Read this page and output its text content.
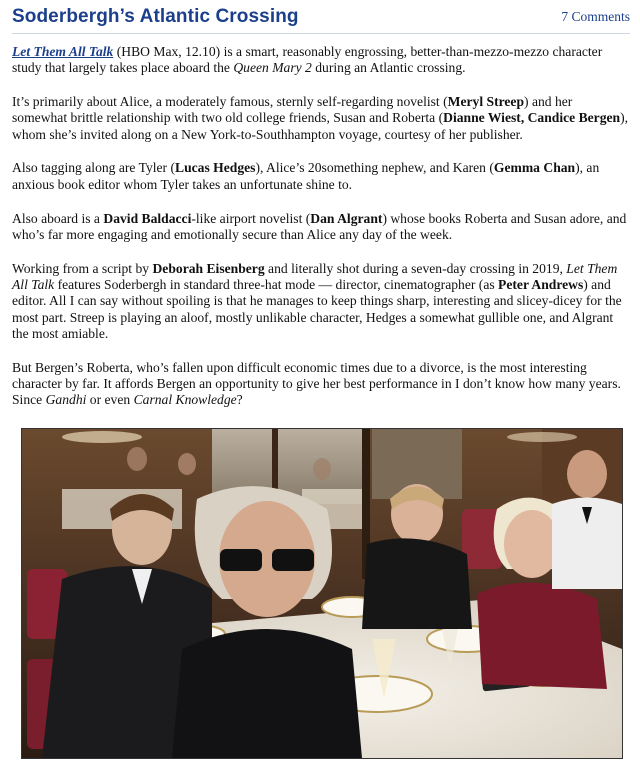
Soderbergh’s Atlantic Crossing	7 Comments

Let Them All Talk (HBO Max, 12.10) is a smart, reasonably engrossing, better-than-mezzo-mezzo character study that largely takes place aboard the Queen Mary 2 during an Atlantic crossing.

It’s primarily about Alice, a moderately famous, sternly self-regarding novelist (Meryl Streep) and her somewhat brittle relationship with two old college friends, Susan and Roberta (Dianne Wiest, Candice Bergen), whom she’s invited along on a New York-to-Southhampton voyage, courtesy of her publisher.

Also tagging along are Tyler (Lucas Hedges), Alice’s 20something nephew, and Karen (Gemma Chan), an anxious book editor whom Tyler takes an unfortunate shine to.

Also aboard is a David Baldacci-like airport novelist (Dan Algrant) whose books Roberta and Susan adore, and who’s far more engaging and emotionally secure than Alice any day of the week.

Working from a script by Deborah Eisenberg and literally shot during a seven-day crossing in 2019, Let Them All Talk features Soderbergh in standard three-hat mode — director, cinematographer (as Peter Andrews) and editor. All I can say without spoiling is that he manages to keep things sharp, interesting and slicey-dicey for the most part. Streep is playing an aloof, mostly unlikable character, Hedges a somewhat gullible one, and Algrant the most amiable.

But Bergen’s Roberta, who’s fallen upon difficult economic times due to a divorce, is the most interesting character by far. It affords Bergen an opportunity to give her best performance in I don’t know how many years. Since Gandhi or even Carnal Knowledge?
